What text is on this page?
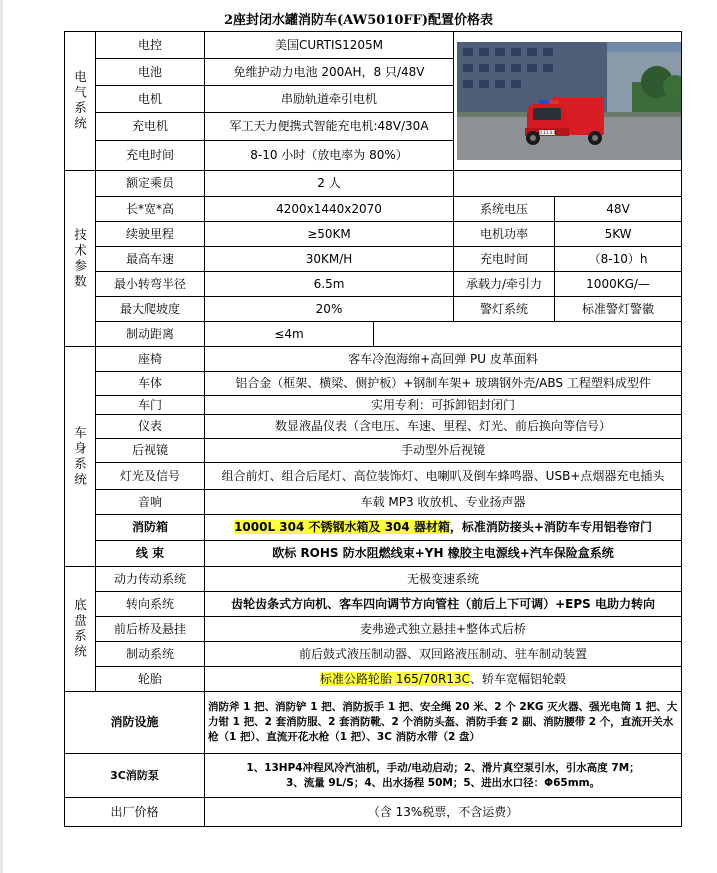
2座封闭水罐消防车(AW5010FF)配置价格表
电气系统	电控	美国CURTIS1205M		蔚 11 3 8	

	电池	免维护动力电池 200AH，8 只/48V			
	电机	串励轨道牵引电机			
	充电机	军工天力便携式智能充电机:48V/30A			
	充电时间	8-10 小时（放电率为 80%）			
技术参数	额定乘员	2 人			
	长*宽*高	4200x1440x2070		系统电压	48V
	续驶里程	≥50KM		电机功率	5KW
	最高车速	30KM/H		充电时间	（8-10）h
	最小转弯半径	6.5m		承载力/牵引力	1000KG/—
	最大爬坡度	20%		警灯系统	标准警灯警徽
	制动距离	≤4m			
车身系统	座椅	客车冷泡海绵+高回弹 PU 皮革面料			
	车体	铝合金（框架、横梁、侧护板）+钢制车架+ 玻璃钢外壳/ABS 工程塑料成型件			
	车门	实用专利：可拆卸铝封闭门			
	仪表	数显液晶仪表（含电压、车速、里程、灯光、前后换向等信号）			
	后视镜	手动型外后视镜			
	灯光及信号	组合前灯、组合后尾灯、高位装饰灯、电喇叭及倒车蜂鸣器、USB+点烟器充电插头			
	音响	车载 MP3 收放机、专业扬声器			
	消防箱	1000L 304 不锈钢水箱及 304 器材箱，标准消防接头+消防车专用铝卷帘门			
	线 束	欧标 ROHS 防水阻燃线束+YH 橡胶主电源线+汽车保险盒系统			
底盘系统	动力传动系统	无极变速系统			
	转向系统	齿轮齿条式方向机、客车四向调节方向管柱（前后上下可调）+EPS 电助力转向			
	前后桥及悬挂	麦弗逊式独立悬挂+整体式后桥			
	制动系统	前后鼓式液压制动器、双回路液压制动、驻车制动装置			
	轮胎	标准公路轮胎 165/70R13C、轿车宽幅铝轮毂			
消防设施		消防斧 1 把、消防铲 1 把、消防扳手 1 把、安全绳 20 米、2 个 2KG 灭火器、强光电筒 1 把、大力钳 1 把、2 套消防服、2 套消防靴、2 个消防头盔、消防手套 2 副、消防腰带 2 个，直流开关水枪（1 把）、直流开花水枪（1 把）、3C 消防水带（2 盘）			
3C消防泵		1、13HP4冲程风冷汽油机，手动/电动启动；2、滑片真空泵引水，引水高度 7M；
3、流量 9L/S；4、出水扬程 50M；5、进出水口径：Φ65mm。			

出厂价格		（含 13%税票，不含运费）			
